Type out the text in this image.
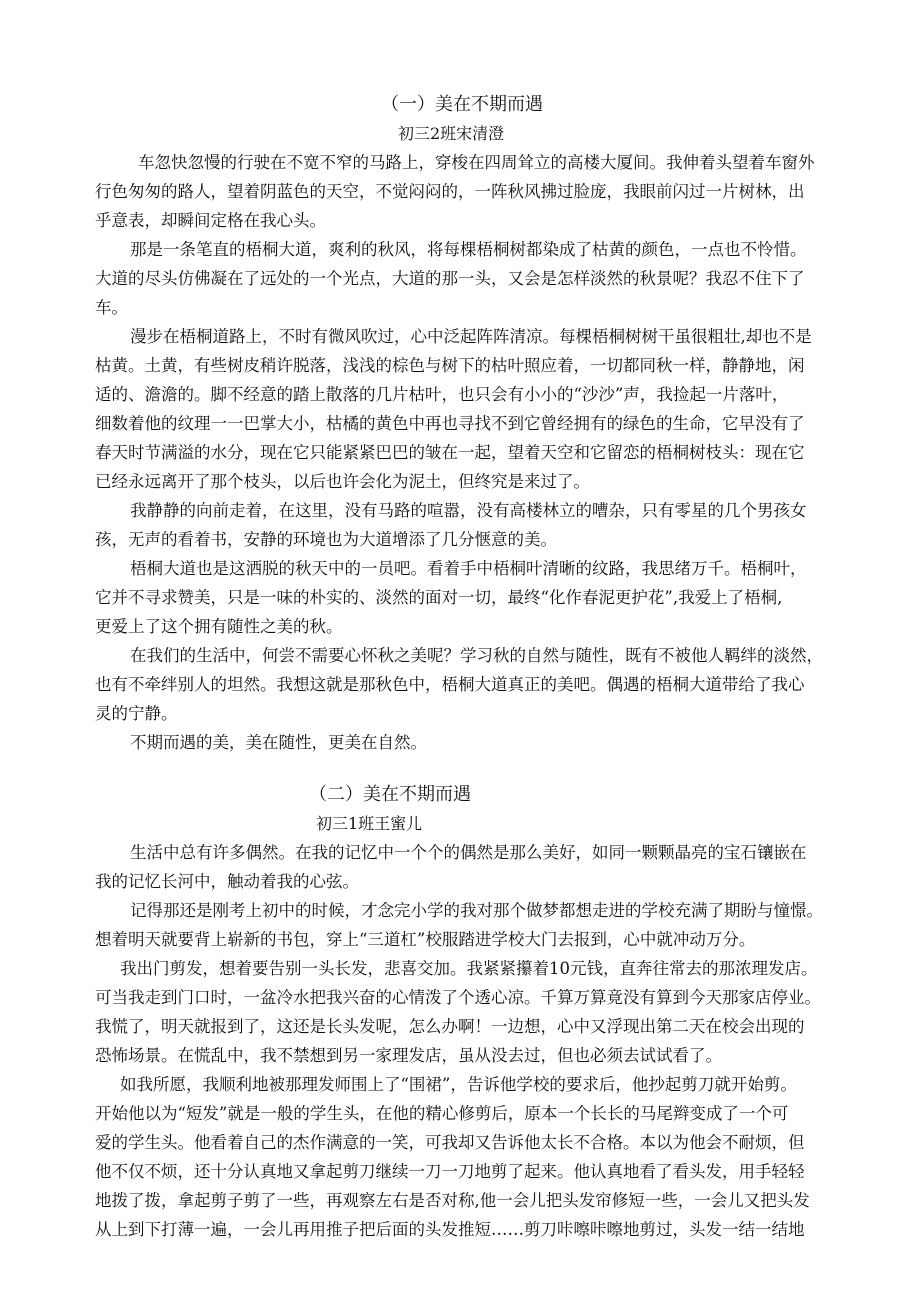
（一）美在不期而遇
初三2班宋清澄
车忽快忽慢的行驶在不宽不窄的马路上，穿梭在四周耸立的高楼大厦间。我伸着头望着车窗外
行色匆匆的路人，望着阴蓝色的天空，不觉闷闷的，一阵秋风拂过脸庞，我眼前闪过一片树林，出
乎意表，却瞬间定格在我心头。
那是一条笔直的梧桐大道，爽利的秋风，将每棵梧桐树都染成了枯黄的颜色，一点也不怜惜。
大道的尽头仿佛凝在了远处的一个光点，大道的那一头，又会是怎样淡然的秋景呢？我忍不住下了
车。
漫步在梧桐道路上，不时有微风吹过，心中泛起阵阵清凉。每棵梧桐树树干虽很粗壮,却也不是
枯黄。土黄，有些树皮稍许脱落，浅浅的棕色与树下的枯叶照应着，一切都同秋一样，静静地，闲
适的、澹澹的。脚不经意的踏上散落的几片枯叶，也只会有小小的“沙沙”声，我捡起一片落叶，
细数着他的纹理一一巴掌大小，枯橘的黄色中再也寻找不到它曾经拥有的绿色的生命，它早没有了
春天时节满溢的水分，现在它只能紧紧巴巴的皱在一起，望着天空和它留恋的梧桐树枝头：现在它
已经永远离开了那个枝头，以后也许会化为泥土，但终究是来过了。
我静静的向前走着，在这里，没有马路的喧嚣，没有高楼林立的嘈杂，只有零星的几个男孩女
孩，无声的看着书，安静的环境也为大道增添了几分惬意的美。
梧桐大道也是这洒脱的秋天中的一员吧。看着手中梧桐叶清晰的纹路，我思绪万千。梧桐叶，
它并不寻求赞美，只是一味的朴实的、淡然的面对一切，最终“化作春泥更护花”,我爱上了梧桐,
更爱上了这个拥有随性之美的秋。
在我们的生活中，何尝不需要心怀秋之美呢？学习秋的自然与随性，既有不被他人羁绊的淡然，
也有不牵绊别人的坦然。我想这就是那秋色中，梧桐大道真正的美吧。偶遇的梧桐大道带给了我心
灵的宁静。
不期而遇的美，美在随性，更美在自然。
（二）美在不期而遇
初三1班王蜜儿
生活中总有许多偶然。在我的记忆中一个个的偶然是那么美好，如同一颗颗晶亮的宝石镶嵌在
我的记忆长河中，触动着我的心弦。
记得那还是刚考上初中的时候，才念完小学的我对那个做梦都想走进的学校充满了期盼与憧憬。
想着明天就要背上崭新的书包，穿上“三道杠”校服踏进学校大门去报到，心中就冲动万分。
我出门剪发，想着要告别一头长发，悲喜交加。我紧紧攥着10元钱，直奔往常去的那浓理发店。
可当我走到门口时，一盆冷水把我兴奋的心情泼了个透心凉。千算万算竟没有算到今天那家店停业。
我慌了，明天就报到了，这还是长头发呢，怎么办啊！一边想，心中又浮现出第二天在校会出现的
恐怖场景。在慌乱中，我不禁想到另一家理发店，虽从没去过，但也必须去试试看了。
如我所愿，我顺利地被那理发师围上了“围裙”，告诉他学校的要求后，他抄起剪刀就开始剪。
开始他以为“短发”就是一般的学生头，在他的精心修剪后，原本一个长长的马尾辫变成了一个可
爱的学生头。他看着自己的杰作满意的一笑，可我却又告诉他太长不合格。本以为他会不耐烦，但
他不仅不烦，还十分认真地又拿起剪刀继续一刀一刀地剪了起来。他认真地看了看头发，用手轻轻
地拨了拨，拿起剪子剪了一些，再观察左右是否对称,他一会儿把头发帘修短一些，一会儿又把头发
从上到下打薄一遍，一会儿再用推子把后面的头发推短……剪刀咔嚓咔嚓地剪过，头发一结一结地
